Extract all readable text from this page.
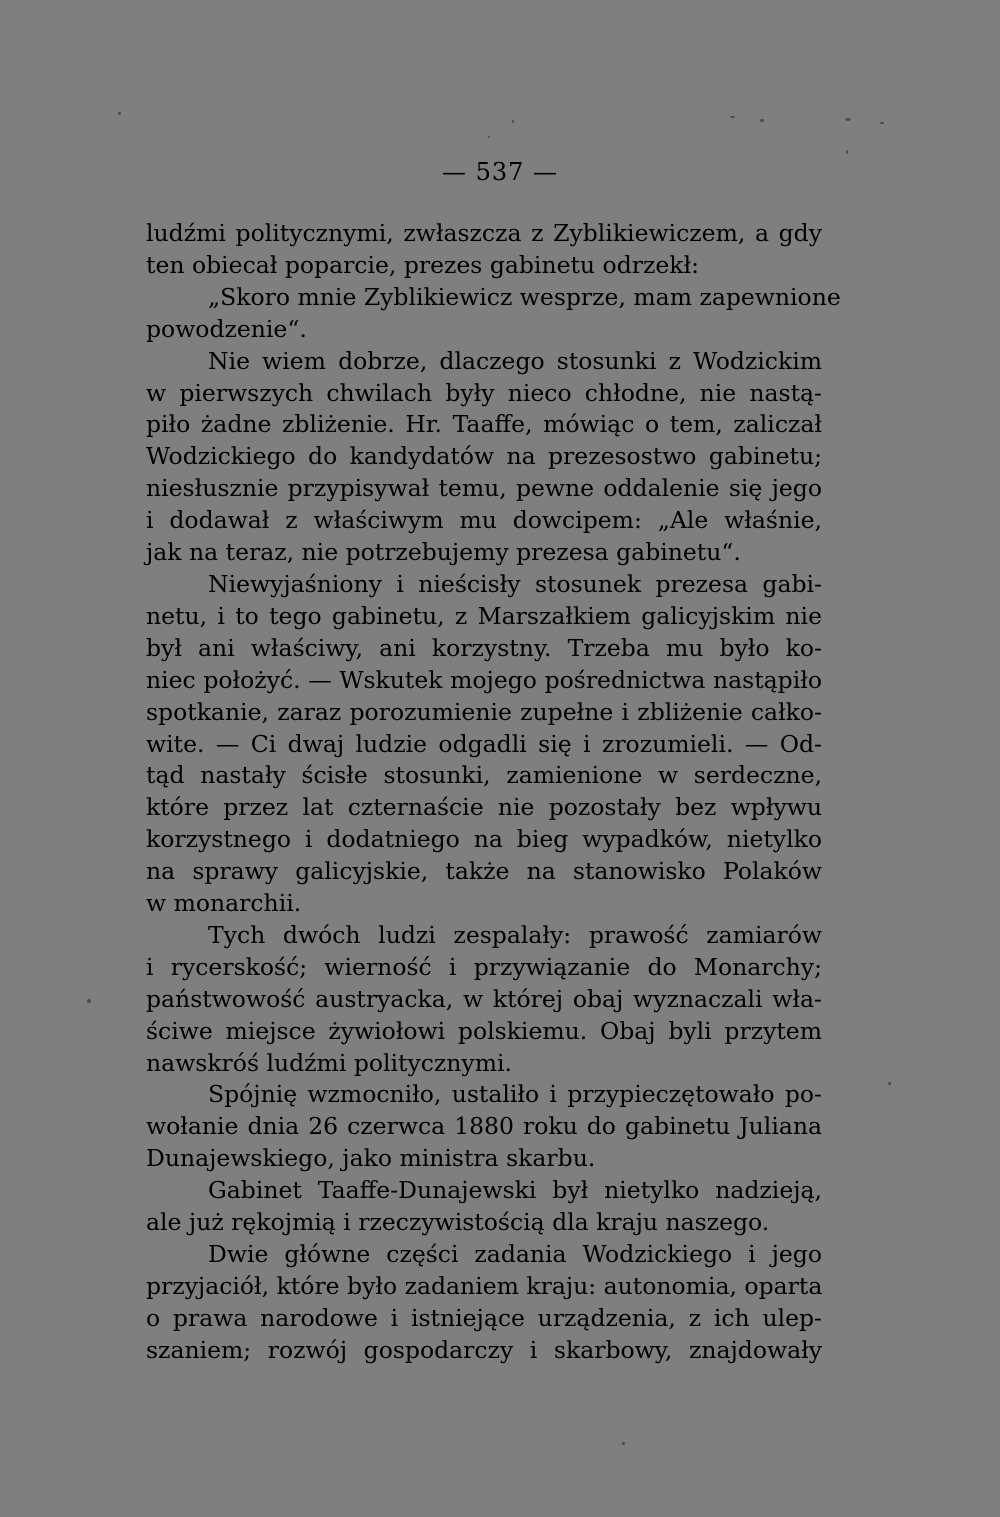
— 537 —
ludźmi politycznymi, zwłaszcza z Zyblikiewiczem, a gdy
ten obiecał poparcie, prezes gabinetu odrzekł:
„Skoro mnie Zyblikiewicz wesprze, mam zapewnione
powodzenie“.
Nie wiem dobrze, dlaczego stosunki z Wodzickim
w pierwszych chwilach były nieco chłodne, nie nastą-
piło żadne zbliżenie. Hr. Taaffe, mówiąc o tem, zaliczał
Wodzickiego do kandydatów na prezesostwo gabinetu;
niesłusznie przypisywał temu, pewne oddalenie się jego
i dodawał z właściwym mu dowcipem: „Ale właśnie,
jak na teraz, nie potrzebujemy prezesa gabinetu“.
Niewyjaśniony i nieścisły stosunek prezesa gabi-
netu, i to tego gabinetu, z Marszałkiem galicyjskim nie
był ani właściwy, ani korzystny. Trzeba mu było ko-
niec położyć. — Wskutek mojego pośrednictwa nastąpiło
spotkanie, zaraz porozumienie zupełne i zbliżenie całko-
wite. — Ci dwaj ludzie odgadli się i zrozumieli. — Od-
tąd nastały ścisłe stosunki, zamienione w serdeczne,
które przez lat czternaście nie pozostały bez wpływu
korzystnego i dodatniego na bieg wypadków, nietylko
na sprawy galicyjskie, także na stanowisko Polaków
w monarchii.
Tych dwóch ludzi zespalały: prawość zamiarów
i rycerskość; wierność i przywiązanie do Monarchy;
państwowość austryacka, w której obaj wyznaczali wła-
ściwe miejsce żywiołowi polskiemu. Obaj byli przytem
nawskróś ludźmi politycznymi.
Spójnię wzmocniło, ustaliło i przypieczętowało po-
wołanie dnia 26 czerwca 1880 roku do gabinetu Juliana
Dunajewskiego, jako ministra skarbu.
Gabinet Taaffe-Dunajewski był nietylko nadzieją,
ale już rękojmią i rzeczywistością dla kraju naszego.
Dwie główne części zadania Wodzickiego i jego
przyjaciół, które było zadaniem kraju: autonomia, oparta
o prawa narodowe i istniejące urządzenia, z ich ulep-
szaniem; rozwój gospodarczy i skarbowy, znajdowały
